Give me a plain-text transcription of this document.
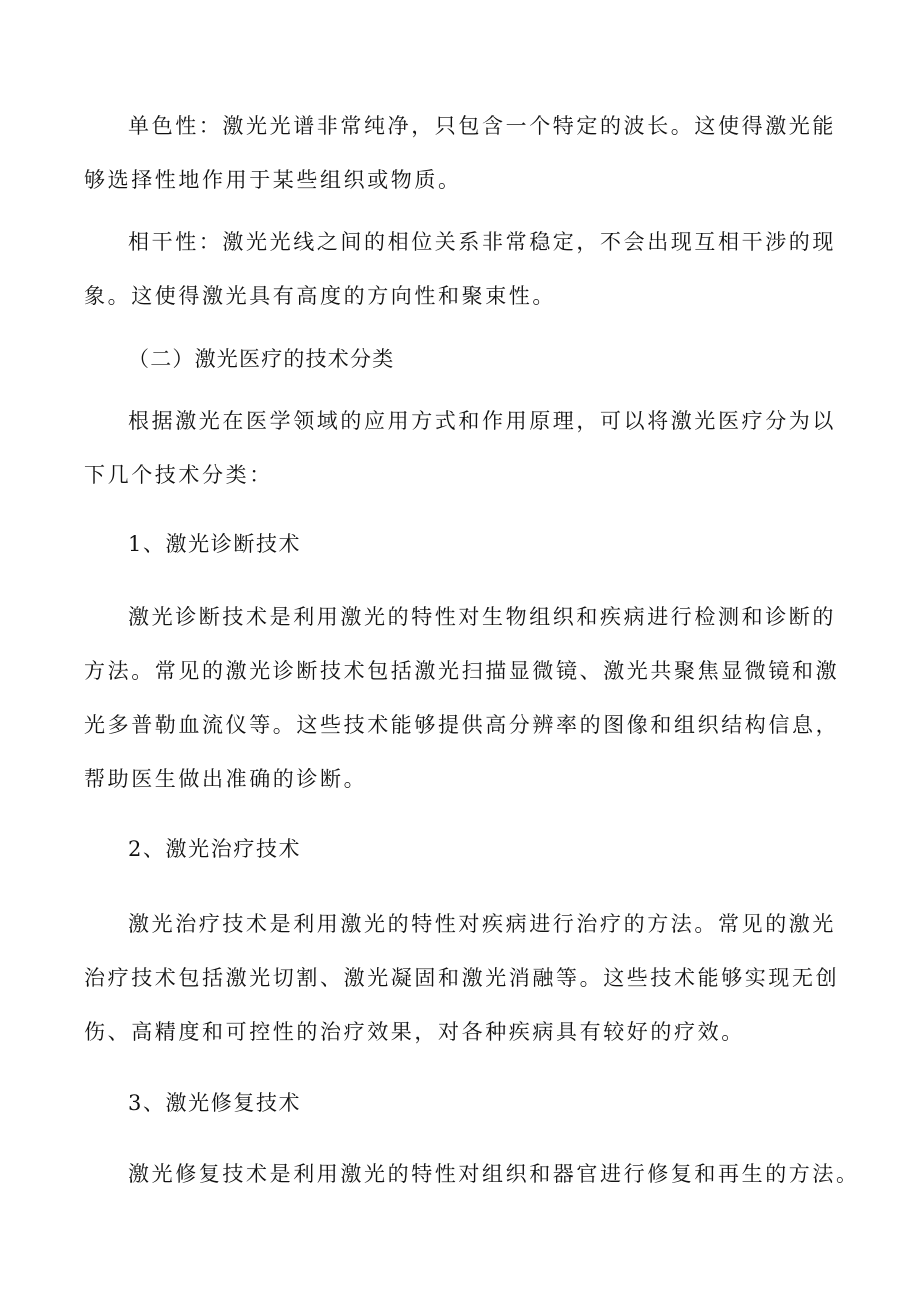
单色性：激光光谱非常纯净，只包含一个特定的波长。这使得激光能

够选择性地作用于某些组织或物质。

相干性：激光光线之间的相位关系非常稳定，不会出现互相干涉的现

象。这使得激光具有高度的方向性和聚束性。

（二）激光医疗的技术分类

根据激光在医学领域的应用方式和作用原理，可以将激光医疗分为以

下几个技术分类：

1、激光诊断技术

激光诊断技术是利用激光的特性对生物组织和疾病进行检测和诊断的

方法。常见的激光诊断技术包括激光扫描显微镜、激光共聚焦显微镜和激

光多普勒血流仪等。这些技术能够提供高分辨率的图像和组织结构信息，

帮助医生做出准确的诊断。

2、激光治疗技术

激光治疗技术是利用激光的特性对疾病进行治疗的方法。常见的激光

治疗技术包括激光切割、激光凝固和激光消融等。这些技术能够实现无创

伤、高精度和可控性的治疗效果，对各种疾病具有较好的疗效。

3、激光修复技术

激光修复技术是利用激光的特性对组织和器官进行修复和再生的方法。
